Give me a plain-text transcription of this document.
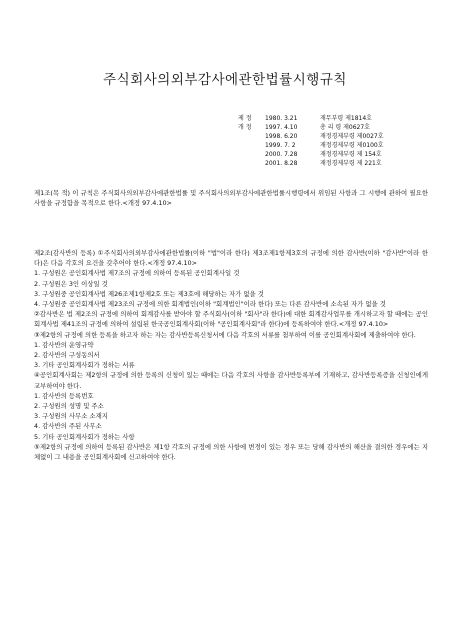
주식회사의외부감사에관한법률시행규칙
제 정 1980. 3.21	재무부령 제1814호
개 정 1997. 4.10	총 리 령 제0627호
1998. 6.20	재정경제부령 제0027호
1999. 7. 2	재정경제부령 제0100호
2000. 7.28	재정경제부령 제 154호
2001. 8.28	재정경제부령 제 221호

제1조(목 적) 이 규칙은 주식회사의외부감사에관한법률 및 주식회사의외부감사에관한법률시행령에서 위임된 사항과 그 시행에 관하여 필요한 사항을 규정함을 목적으로 한다.<개정 97.4.10>

제2조(감사반의 등록) ①주식회사의외부감사에관한법률(이하 "법"이라 한다) 제3조제1항제3호의 규정에 의한 감사반(이하 "감사반"이라 한다)은 다음 각호의 요건을 갖추어야 한다.<개정 97.4.10>

1. 구성원은 공인회계사법 제7조의 규정에 의하여 등록된 공인회계사일 것

2. 구성원은 3인 이상일 것

3. 구성원중 공인회계사법 제26조제1항제2호 또는 제3호에 해당하는 자가 없을 것

4. 구성원중 공인회계사법 제23조의 규정에 의한 회계법인(이하 "회계법인"이라 한다) 또는 다른 감사반에 소속된 자가 없을 것

②감사반은 법 제2조의 규정에 의하여 회계감사를 받아야 할 주식회사(이하 "회사"라 한다)에 대한 회계감사업무를 개시하고자 할 때에는 공인회계사법 제41조의 규정에 의하여 설립된 한국공인회계사회(이하 "공인회계사회"라 한다)에 등록하여야 한다.<개정 97.4.10>

③제2항의 규정에 의한 등록을 하고자 하는 자는 감사반등록신청서에 다음 각호의 서류를 첨부하여 이를 공인회계사회에 제출하여야 한다.

1. 감사반의 운영규약

2. 감사반의 구성동의서

3. 기타 공인회계사회가 정하는 서류

④공인회계사회는 제2항의 규정에 의한 등록의 신청이 있는 때에는 다음 각호의 사항을 감사반등록부에 기재하고, 감사반등록증을 신청인에게 교부하여야 한다.

1. 감사반의 등록번호

2. 구성원의 성명 및 주소

3. 구성원의 사무소 소재지

4. 감사반의 주된 사무소

5. 기타 공인회계사회가 정하는 사항

⑤제2항의 규정에 의하여 등록된 감사반은 제1항 각호의 규정에 의한 사항에 변경이 있는 경우 또는 당해 감사반의 해산을 결의한 경우에는 지체없이 그 내용을 공인회계사회에 신고하여야 한다.
